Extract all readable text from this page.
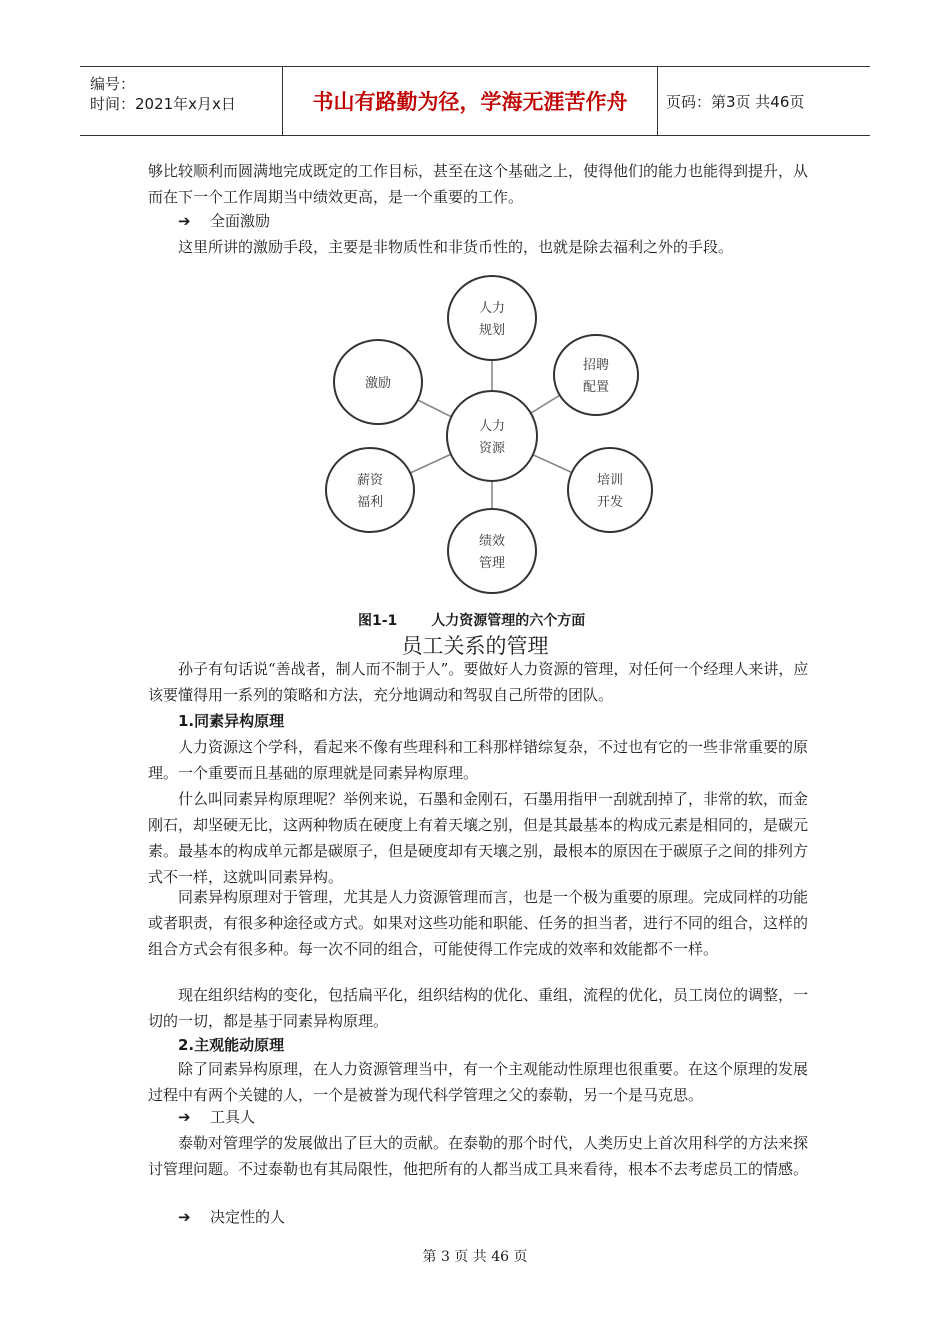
编号：
时间：2021年x月x日	书山有路勤为径，学海无涯苦作舟	页码：第3页 共46页

够比较顺利而圆满地完成既定的工作目标，甚至在这个基础之上，使得他们的能力也能得到提升，从而在下一个工作周期当中绩效更高，是一个重要的工作。

➔ 全面激励

这里所讲的激励手段，主要是非物质性和非货币性的，也就是除去福利之外的手段。

人力
资源
人力
规划
招聘
配置
培训
开发
绩效
管理
薪资
福利
激励
图1-1 人力资源管理的六个方面
员工关系的管理

孙子有句话说“善战者，制人而不制于人”。要做好人力资源的管理，对任何一个经理人来讲，应该要懂得用一系列的策略和方法，充分地调动和驾驭自己所带的团队。

1.同素异构原理

人力资源这个学科，看起来不像有些理科和工科那样错综复杂，不过也有它的一些非常重要的原理。一个重要而且基础的原理就是同素异构原理。

什么叫同素异构原理呢？举例来说，石墨和金刚石，石墨用指甲一刮就刮掉了，非常的软，而金刚石，却坚硬无比，这两种物质在硬度上有着天壤之别，但是其最基本的构成元素是相同的，是碳元素。最基本的构成单元都是碳原子，但是硬度却有天壤之别，最根本的原因在于碳原子之间的排列方式不一样，这就叫同素异构。

同素异构原理对于管理，尤其是人力资源管理而言，也是一个极为重要的原理。完成同样的功能或者职责，有很多种途径或方式。如果对这些功能和职能、任务的担当者，进行不同的组合，这样的组合方式会有很多种。每一次不同的组合，可能使得工作完成的效率和效能都不一样。

现在组织结构的变化，包括扁平化，组织结构的优化、重组，流程的优化，员工岗位的调整，一切的一切，都是基于同素异构原理。

2.主观能动原理

除了同素异构原理，在人力资源管理当中，有一个主观能动性原理也很重要。在这个原理的发展过程中有两个关键的人，一个是被誉为现代科学管理之父的泰勒，另一个是马克思。

➔ 工具人

泰勒对管理学的发展做出了巨大的贡献。在泰勒的那个时代，人类历史上首次用科学的方法来探讨管理问题。不过泰勒也有其局限性，他把所有的人都当成工具来看待，根本不去考虑员工的情感。

➔ 决定性的人
第 3 页 共 46 页
